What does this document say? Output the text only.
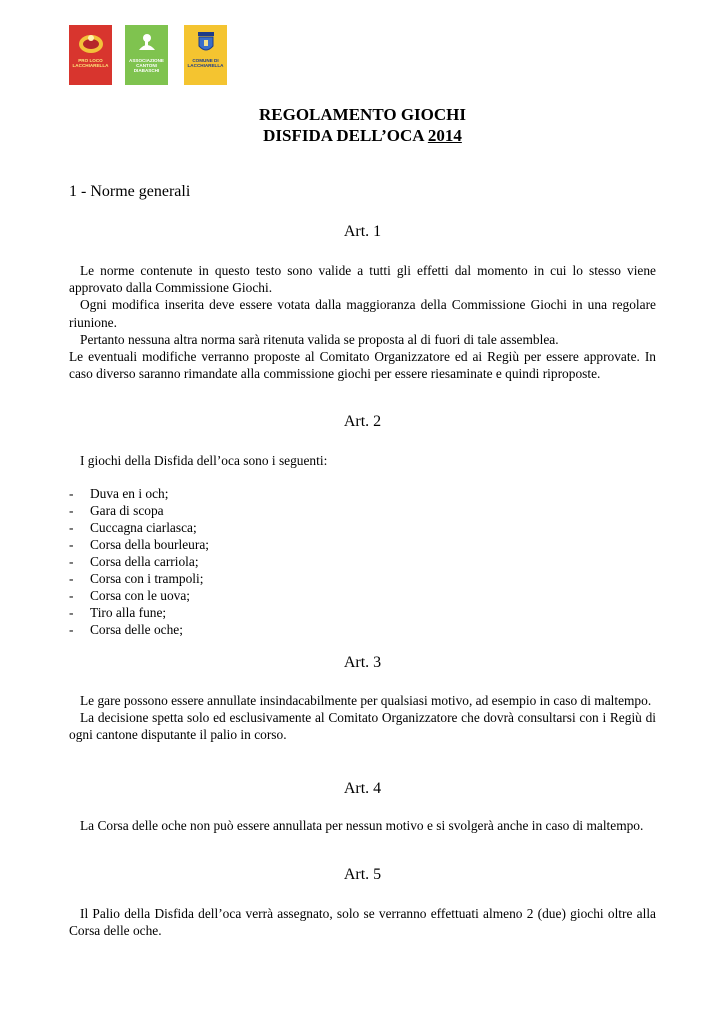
PRO LOCO LACCHIARELLA
ASSOCIAZIONE CANTONI DIABASCHI
COMUNE DI LACCHIARELLA
REGOLAMENTO GIOCHI
DISFIDA DELL’OCA 2014
1 - Norme generali
Art. 1

Le norme contenute in questo testo sono valide a tutti gli effetti dal momento in cui lo stesso viene approvato dalla Commissione Giochi.

Ogni modifica inserita deve essere votata dalla maggioranza della Commissione Giochi in una regolare riunione.

Pertanto nessuna altra norma sarà ritenuta valida se proposta al di fuori di tale assemblea.

Le eventuali modifiche verranno proposte al Comitato Organizzatore ed ai Regiù per essere approvate. In caso diverso saranno rimandate alla commissione giochi per essere riesaminate e quindi riproposte.

Art. 2

I giochi della Disfida dell’oca sono i seguenti:

-	Duva en i och;
-	Gara di scopa
-	Cuccagna ciarlasca;
-	Corsa della bourleura;
-	Corsa della carriola;
-	Corsa con i trampoli;
-	Corsa con le uova;
-	Tiro alla fune;
-	Corsa delle oche;
Art. 3

Le gare possono essere annullate insindacabilmente per qualsiasi motivo, ad esempio in caso di maltempo.

La decisione spetta solo ed esclusivamente al Comitato Organizzatore che dovrà consultarsi con i Regiù di ogni cantone disputante il palio in corso.

Art. 4

La Corsa delle oche non può essere annullata per nessun motivo e si svolgerà anche in caso di maltempo.

Art. 5

Il Palio della Disfida dell’oca verrà assegnato, solo se verranno effettuati almeno 2 (due) giochi oltre alla Corsa delle oche.
